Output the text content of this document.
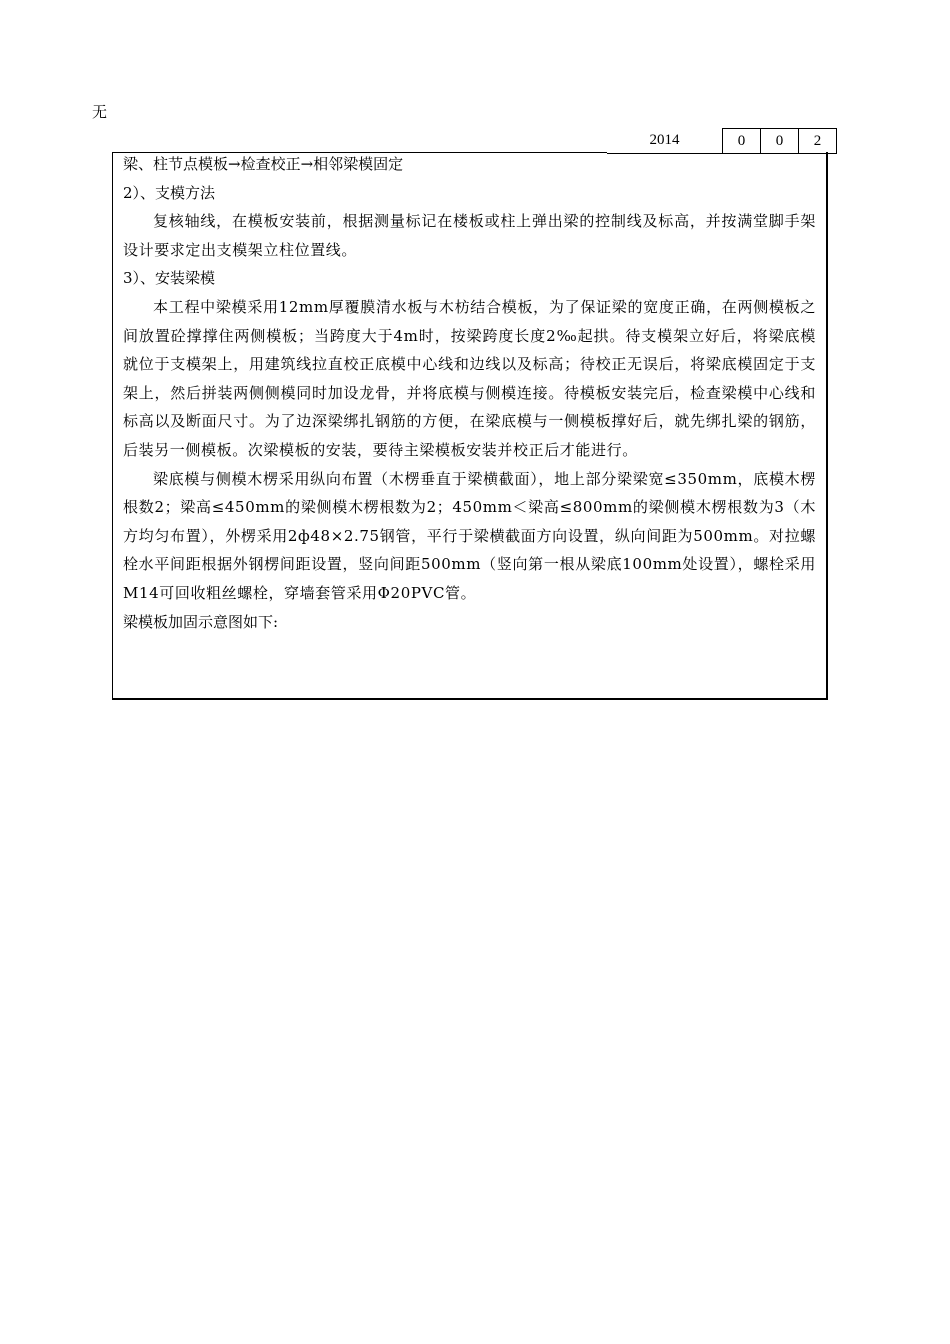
无
2014	0	0	2

梁、柱节点模板→检查校正→相邻梁模固定

2）、支模方法

复核轴线，在模板安装前，根据测量标记在楼板或柱上弹出梁的控制线及标高，并按满堂脚手架设计要求定出支模架立柱位置线。

3）、安装梁模

本工程中梁模采用12mm厚覆膜清水板与木枋结合模板，为了保证梁的宽度正确，在两侧模板之间放置砼撑撑住两侧模板；当跨度大于4m时，按梁跨度长度2‰起拱。待支模架立好后，将梁底模就位于支模架上，用建筑线拉直校正底模中心线和边线以及标高；待校正无误后，将梁底模固定于支架上，然后拼装两侧侧模同时加设龙骨，并将底模与侧模连接。待模板安装完后，检查梁模中心线和标高以及断面尺寸。为了边深梁绑扎钢筋的方便，在梁底模与一侧模板撑好后，就先绑扎梁的钢筋，后装另一侧模板。次梁模板的安装，要待主梁模板安装并校正后才能进行。

梁底模与侧模木楞采用纵向布置（木楞垂直于梁横截面），地上部分梁梁宽≤350mm，底模木楞根数2；梁高≤450mm的梁侧模木楞根数为2；450mm＜梁高≤800mm的梁侧模木楞根数为3（木方均匀布置），外楞采用2ф48×2.75钢管，平行于梁横截面方向设置，纵向间距为500mm。对拉螺栓水平间距根据外钢楞间距设置，竖向间距500mm（竖向第一根从梁底100mm处设置），螺栓采用M14可回收粗丝螺栓，穿墙套管采用Φ20PVC管。

梁模板加固示意图如下:
